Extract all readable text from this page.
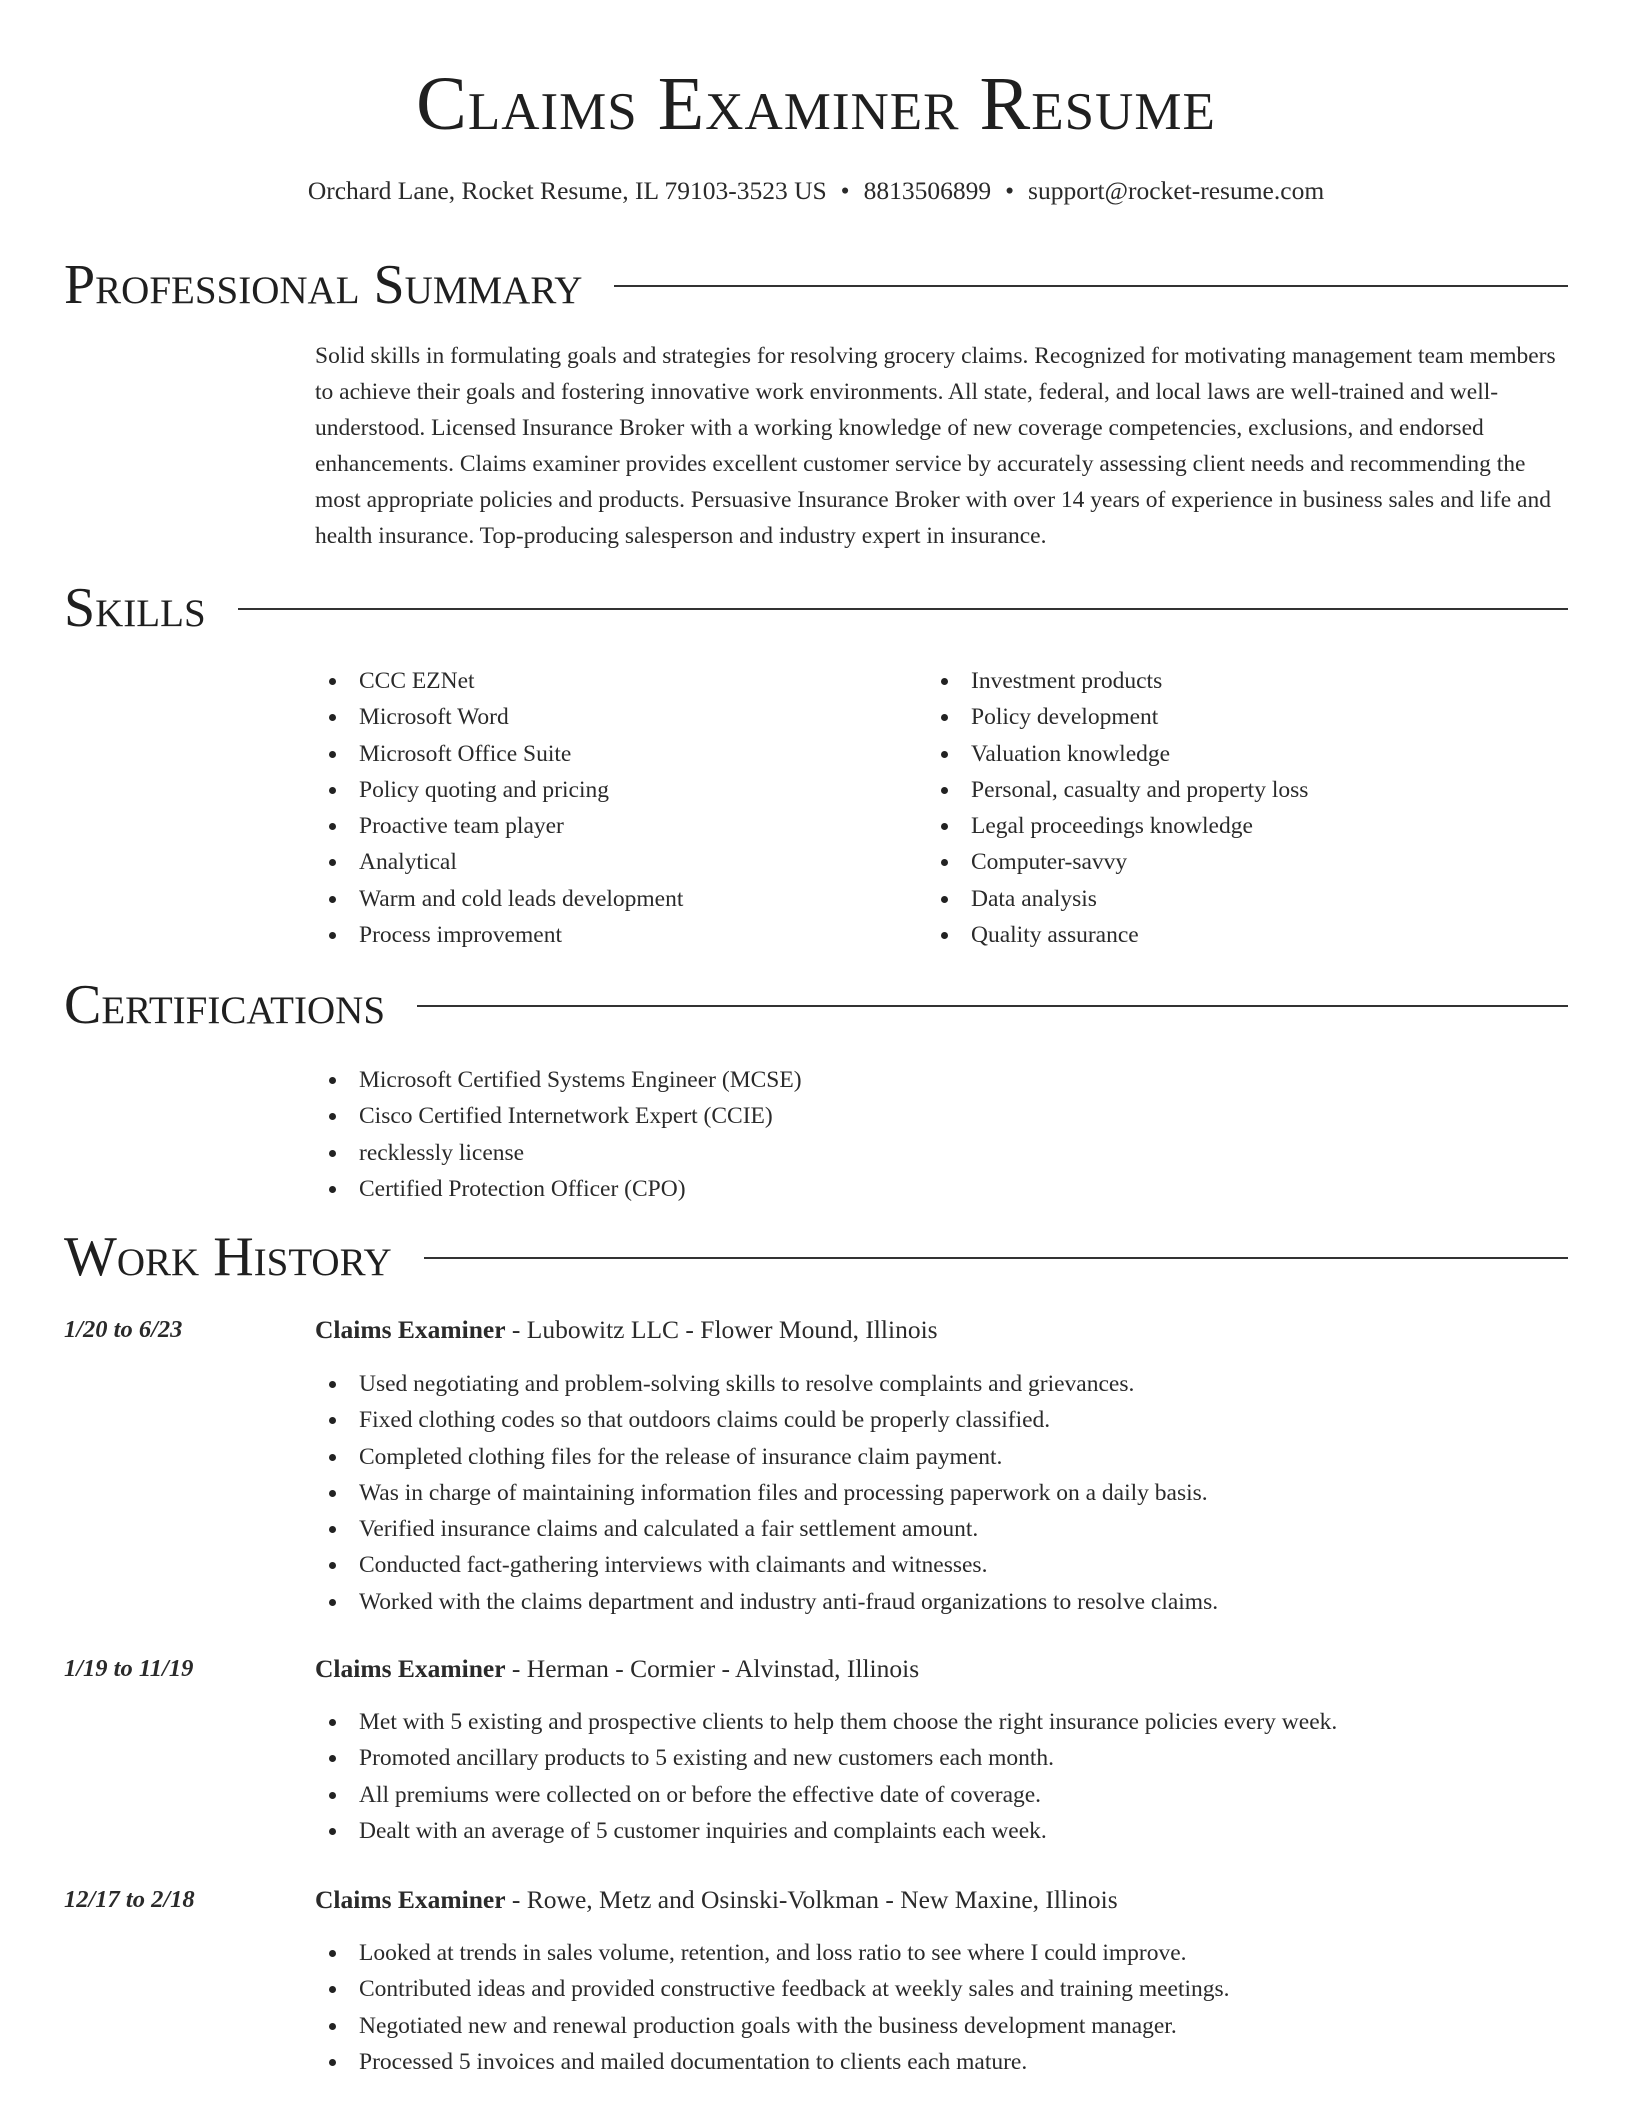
Claims Examiner Resume
Orchard Lane, Rocket Resume, IL 79103-3523 US • 8813506899 • support@rocket-resume.com
Professional Summary
Solid skills in formulating goals and strategies for resolving grocery claims. Recognized for motivating management team members to achieve their goals and fostering innovative work environments. All state, federal, and local laws are well-trained and well-understood. Licensed Insurance Broker with a working knowledge of new coverage competencies, exclusions, and endorsed enhancements. Claims examiner provides excellent customer service by accurately assessing client needs and recommending the most appropriate policies and products. Persuasive Insurance Broker with over 14 years of experience in business sales and life and health insurance. Top-producing salesperson and industry expert in insurance.
Skills
CCC EZNet
Microsoft Word
Microsoft Office Suite
Policy quoting and pricing
Proactive team player
Analytical
Warm and cold leads development
Process improvement
Investment products
Policy development
Valuation knowledge
Personal, casualty and property loss
Legal proceedings knowledge
Computer-savvy
Data analysis
Quality assurance
Certifications
Microsoft Certified Systems Engineer (MCSE)
Cisco Certified Internetwork Expert (CCIE)
recklessly license
Certified Protection Officer (CPO)
Work History
1/20 to 6/23	Claims Examiner - Lubowitz LLC - Flower Mound, Illinois
Used negotiating and problem-solving skills to resolve complaints and grievances.
Fixed clothing codes so that outdoors claims could be properly classified.
Completed clothing files for the release of insurance claim payment.
Was in charge of maintaining information files and processing paperwork on a daily basis.
Verified insurance claims and calculated a fair settlement amount.
Conducted fact-gathering interviews with claimants and witnesses.
Worked with the claims department and industry anti-fraud organizations to resolve claims.
1/19 to 11/19	Claims Examiner - Herman - Cormier - Alvinstad, Illinois
Met with 5 existing and prospective clients to help them choose the right insurance policies every week.
Promoted ancillary products to 5 existing and new customers each month.
All premiums were collected on or before the effective date of coverage.
Dealt with an average of 5 customer inquiries and complaints each week.
12/17 to 2/18	Claims Examiner - Rowe, Metz and Osinski-Volkman - New Maxine, Illinois
Looked at trends in sales volume, retention, and loss ratio to see where I could improve.
Contributed ideas and provided constructive feedback at weekly sales and training meetings.
Negotiated new and renewal production goals with the business development manager.
Processed 5 invoices and mailed documentation to clients each mature.
